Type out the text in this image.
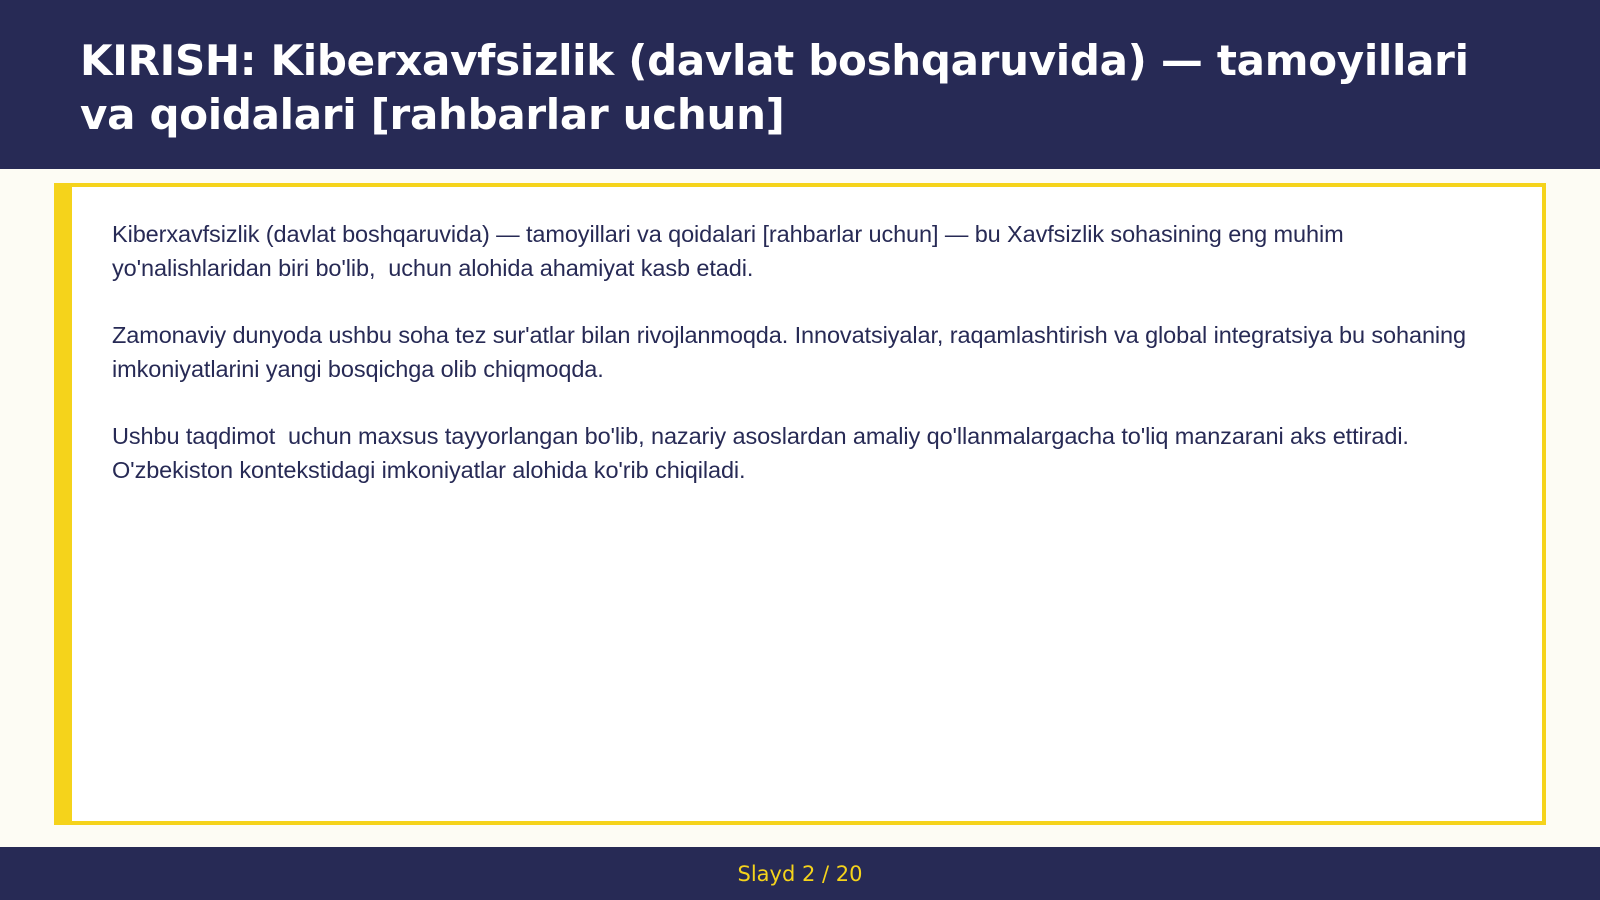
KIRISH: Kiberxavfsizlik (davlat boshqaruvida) — tamoyillari va qoidalari [rahbarlar uchun]

Kiberxavfsizlik (davlat boshqaruvida) — tamoyillari va qoidalari [rahbarlar uchun] — bu Xavfsizlik sohasining eng muhim yo'nalishlaridan biri bo'lib,  uchun alohida ahamiyat kasb etadi.

Zamonaviy dunyoda ushbu soha tez sur'atlar bilan rivojlanmoqda. Innovatsiyalar, raqamlashtirish va global integratsiya bu sohaning imkoniyatlarini yangi bosqichga olib chiqmoqda.

Ushbu taqdimot  uchun maxsus tayyorlangan bo'lib, nazariy asoslardan amaliy qo'llanmalargacha to'liq manzarani aks ettiradi. O'zbekiston kontekstidagi imkoniyatlar alohida ko'rib chiqiladi.

Slayd 2 / 20
